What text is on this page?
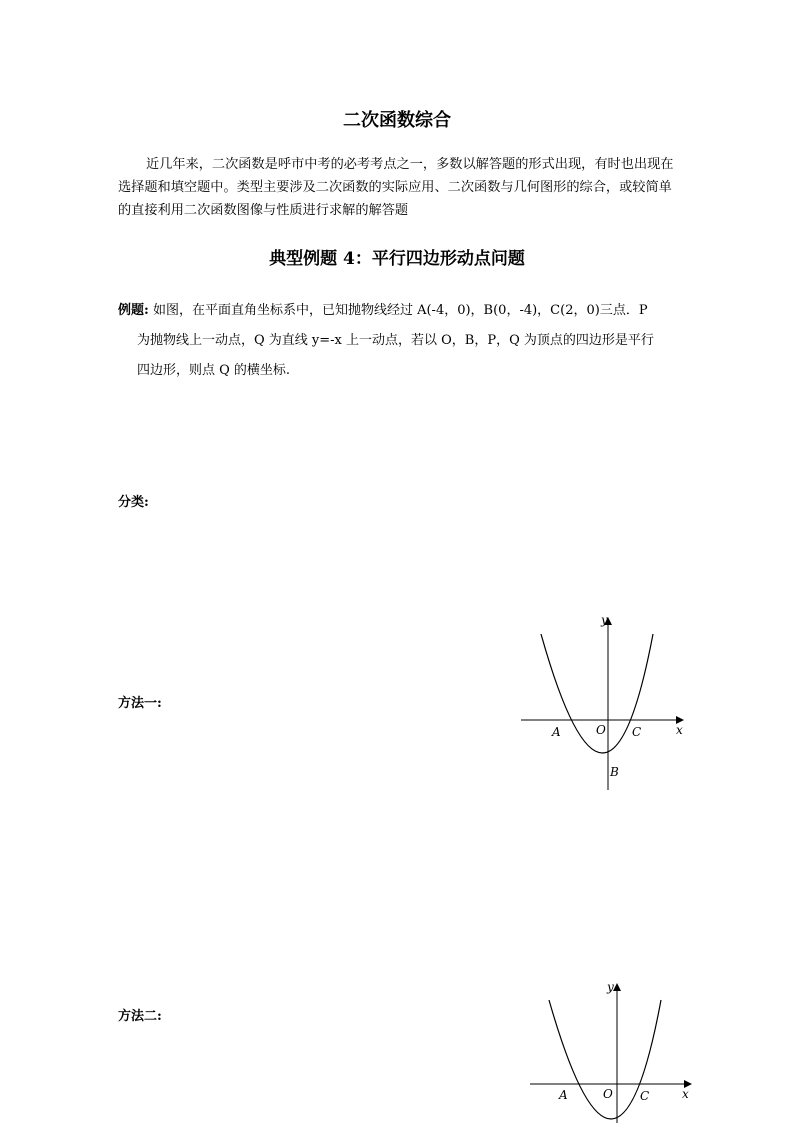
二次函数综合
近几年来，二次函数是呼市中考的必考考点之一，多数以解答题的形式出现，有时也出现在选择题和填空题中。类型主要涉及二次函数的实际应用、二次函数与几何图形的综合，或较简单的直接利用二次函数图像与性质进行求解的解答题
典型例题 4：平行四边形动点问题
例题: 如图，在平面直角坐标系中，已知抛物线经过 A(-4，0)，B(0，-4)，C(2，0)三点．P
为抛物线上一动点，Q 为直线 y=-x 上一动点，若以 O，B，P，Q 为顶点的四边形是平行
四边形，则点 Q 的横坐标.
分类:
方法一:
方法二:
y
x
A	O C
B
y
x
A	O C
